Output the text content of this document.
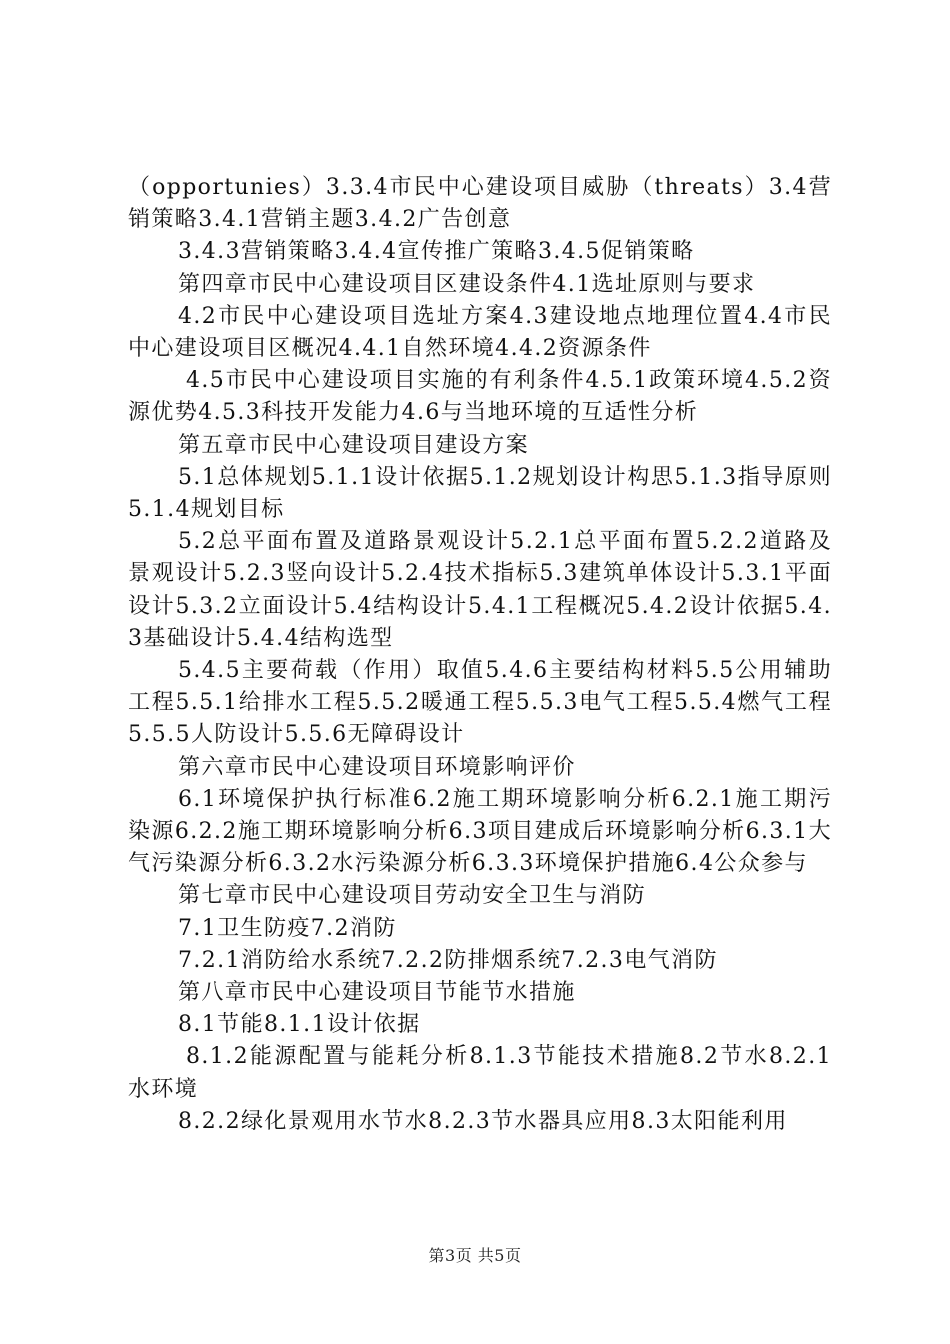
（opportunies）3.3.4市民中心建设项目威胁（threats）3.4营销策略3.4.1营销主题3.4.2广告创意

3.4.3营销策略3.4.4宣传推广策略3.4.5促销策略

第四章市民中心建设项目区建设条件4.1选址原则与要求

4.2市民中心建设项目选址方案4.3建设地点地理位置4.4市民中心建设项目区概况4.4.1自然环境4.4.2资源条件

4.5市民中心建设项目实施的有利条件4.5.1政策环境4.5.2资源优势4.5.3科技开发能力4.6与当地环境的互适性分析

第五章市民中心建设项目建设方案

5.1总体规划5.1.1设计依据5.1.2规划设计构思5.1.3指导原则5.1.4规划目标

5.2总平面布置及道路景观设计5.2.1总平面布置5.2.2道路及景观设计5.2.3竖向设计5.2.4技术指标5.3建筑单体设计5.3.1平面设计5.3.2立面设计5.4结构设计5.4.1工程概况5.4.2设计依据5.4.3基础设计5.4.4结构选型

5.4.5主要荷载（作用）取值5.4.6主要结构材料5.5公用辅助工程5.5.1给排水工程5.5.2暖通工程5.5.3电气工程5.5.4燃气工程5.5.5人防设计5.5.6无障碍设计

第六章市民中心建设项目环境影响评价

6.1环境保护执行标准6.2施工期环境影响分析6.2.1施工期污染源6.2.2施工期环境影响分析6.3项目建成后环境影响分析6.3.1大气污染源分析6.3.2水污染源分析6.3.3环境保护措施6.4公众参与

第七章市民中心建设项目劳动安全卫生与消防

7.1卫生防疫7.2消防

7.2.1消防给水系统7.2.2防排烟系统7.2.3电气消防

第八章市民中心建设项目节能节水措施

8.1节能8.1.1设计依据

8.1.2能源配置与能耗分析8.1.3节能技术措施8.2节水8.2.1水环境

8.2.2绿化景观用水节水8.2.3节水器具应用8.3太阳能利用

第3页 共5页
